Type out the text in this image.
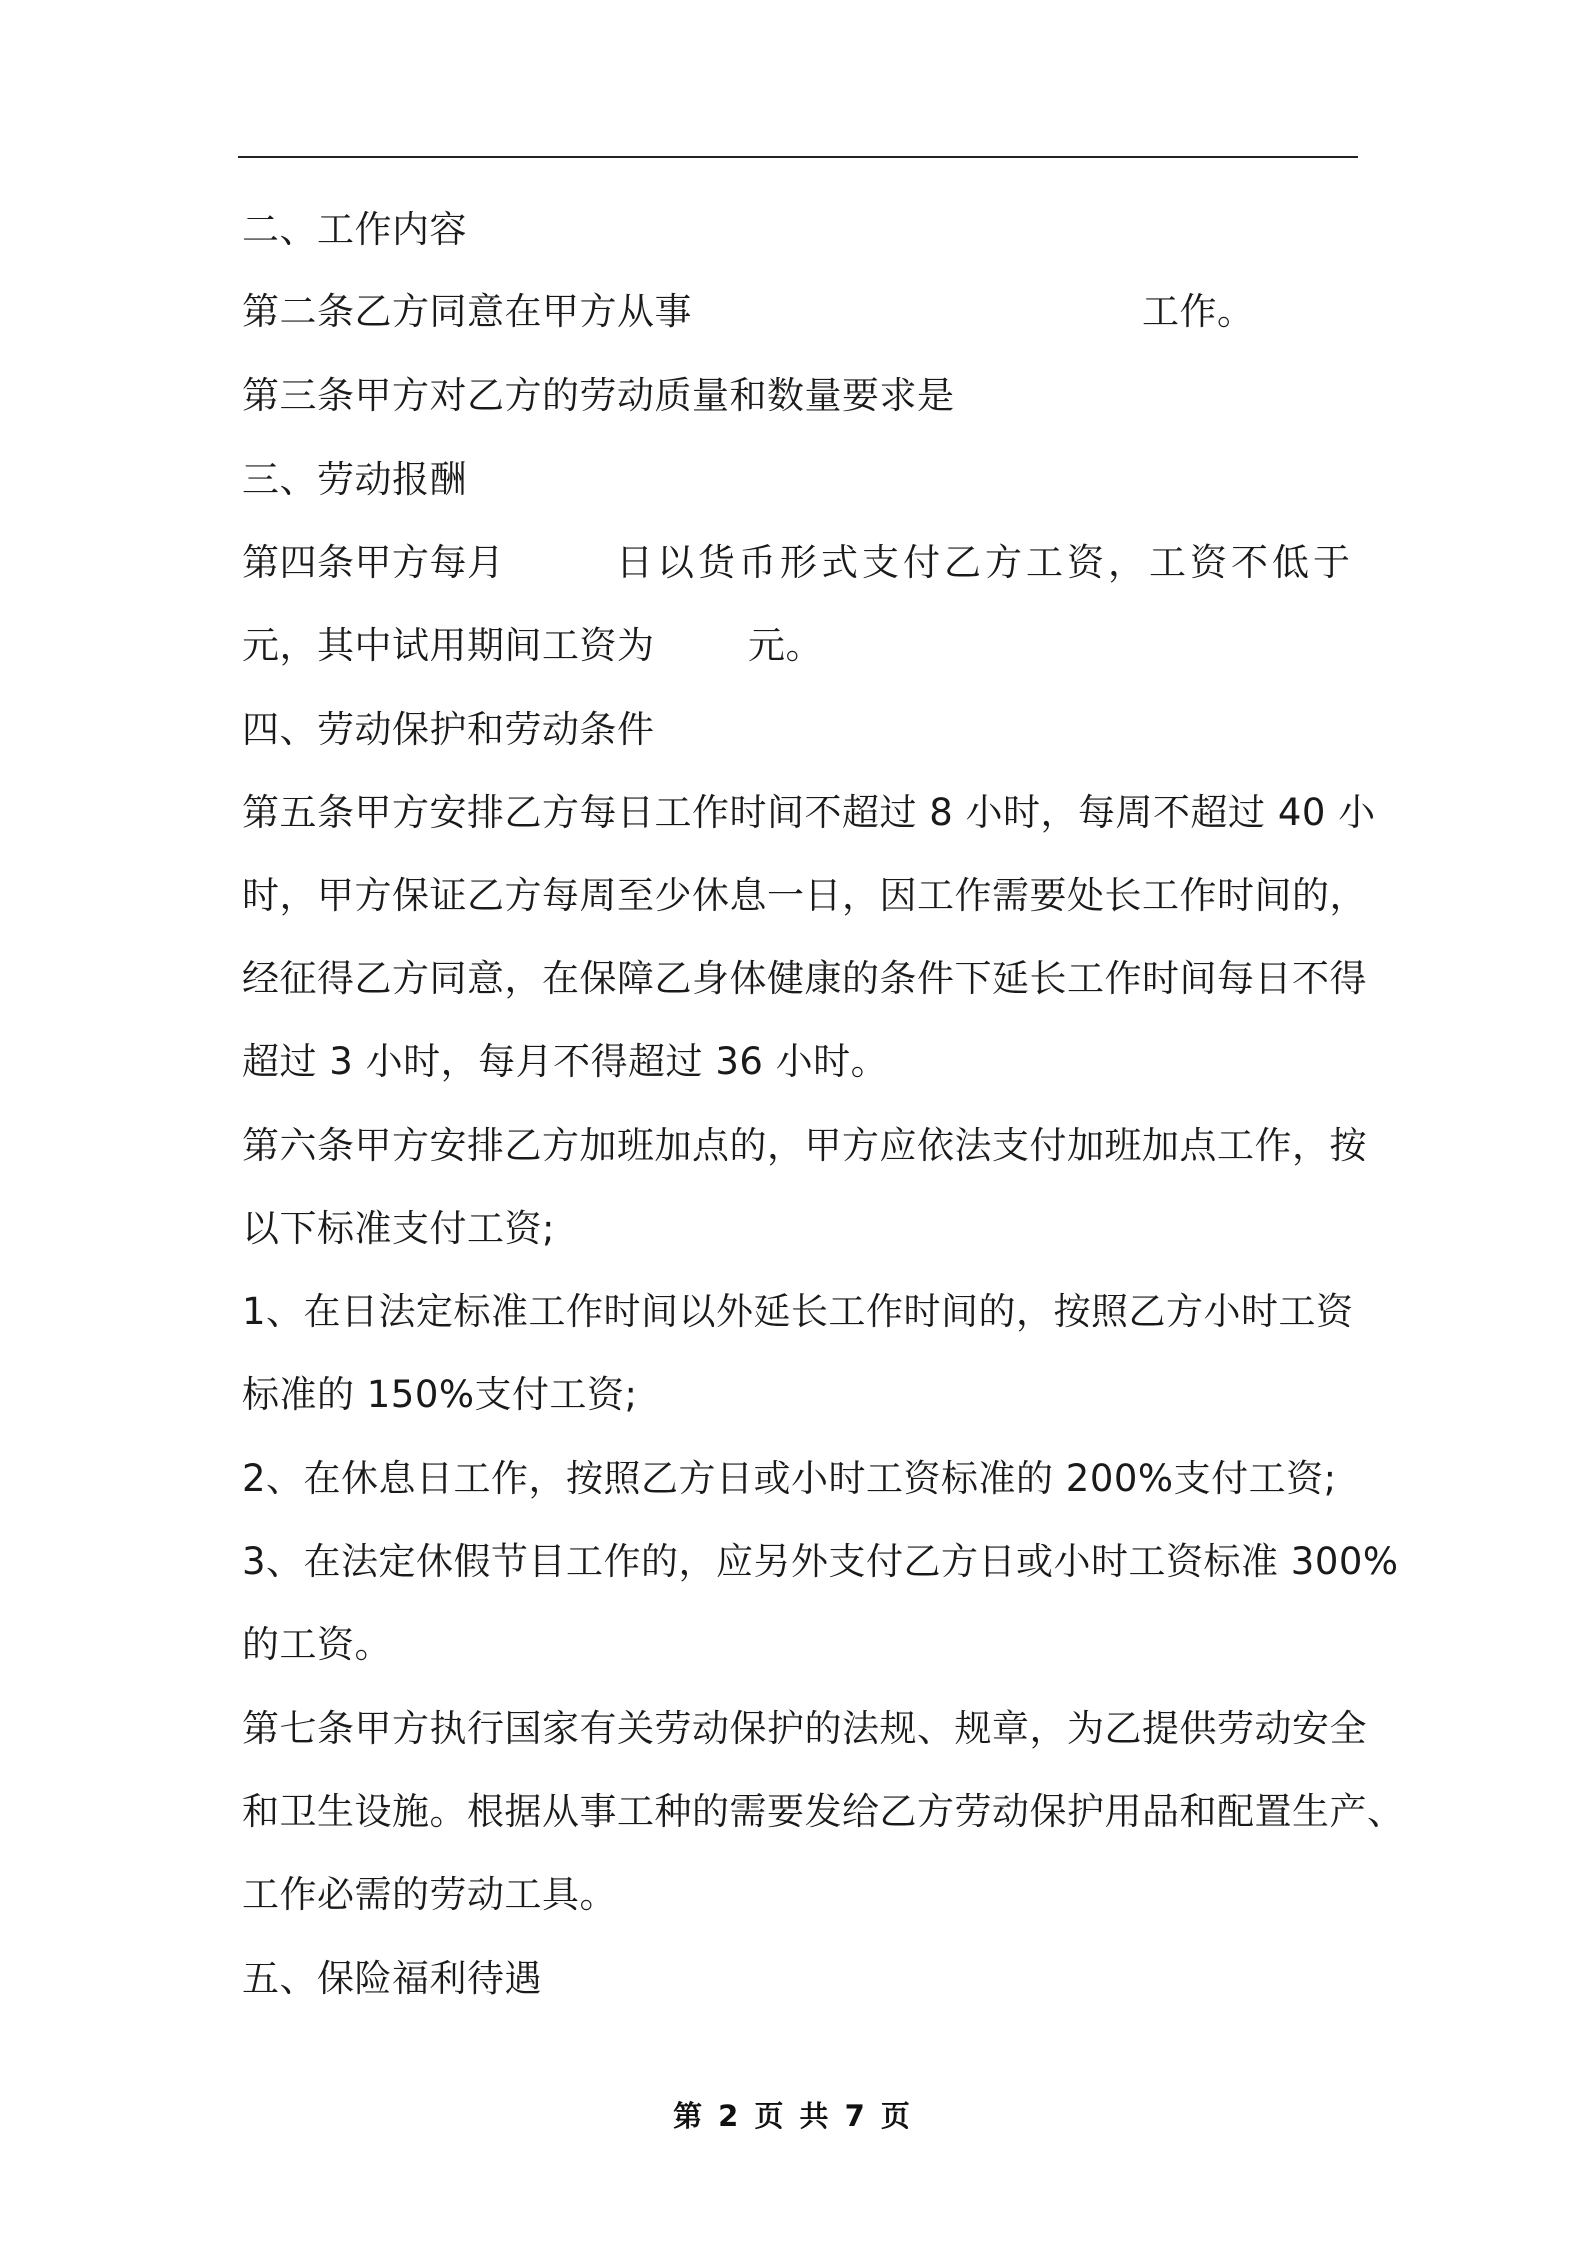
二、工作内容
第二条乙方同意在甲方从事	工作。
第三条甲方对乙方的劳动质量和数量要求是
三、劳动报酬
第四条甲方每月	日以货币形式支付乙方工资，工资不低于
元，其中试用期间工资为	元。
四、劳动保护和劳动条件
第五条甲方安排乙方每日工作时间不超过 8 小时，每周不超过 40 小
时，甲方保证乙方每周至少休息一日，因工作需要处长工作时间的，
经征得乙方同意，在保障乙身体健康的条件下延长工作时间每日不得
超过 3 小时，每月不得超过 36 小时。
第六条甲方安排乙方加班加点的，甲方应依法支付加班加点工作，按
以下标准支付工资;
1、在日法定标准工作时间以外延长工作时间的，按照乙方小时工资
标准的 150%支付工资;
2、在休息日工作，按照乙方日或小时工资标准的 200%支付工资;
3、在法定休假节目工作的，应另外支付乙方日或小时工资标准 300%
的工资。
第七条甲方执行国家有关劳动保护的法规、规章，为乙提供劳动安全
和卫生设施。根据从事工种的需要发给乙方劳动保护用品和配置生产、
工作必需的劳动工具。
五、保险福利待遇
第 2 页 共 7 页
